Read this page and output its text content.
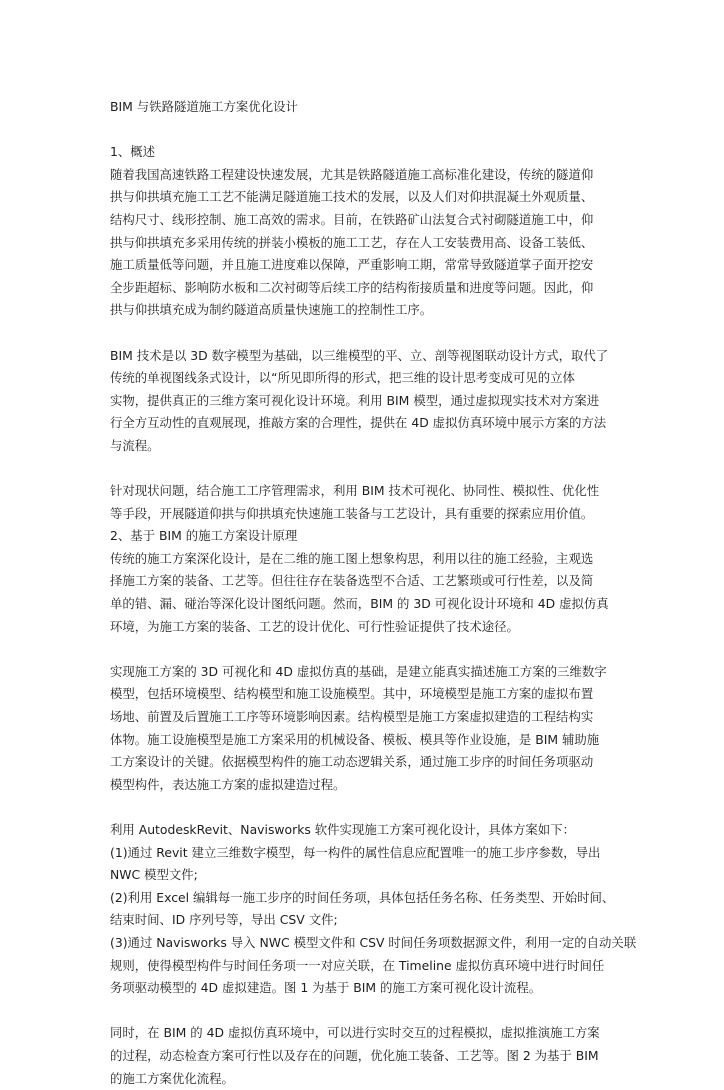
BIM 与铁路隧道施工方案优化设计

1、概述

随着我国高速铁路工程建设快速发展，尤其是铁路隧道施工高标准化建设，传统的隧道仰
拱与仰拱填充施工工艺不能满足隧道施工技术的发展，以及人们对仰拱混凝土外观质量、
结构尺寸、线形控制、施工高效的需求。目前，在铁路矿山法复合式衬砌隧道施工中，仰
拱与仰拱填充多采用传统的拼装小模板的施工工艺，存在人工安装费用高、设备工装低、
施工质量低等问题，并且施工进度难以保障，严重影响工期，常常导致隧道掌子面开挖安
全步距超标、影响防水板和二次衬砌等后续工序的结构衔接质量和进度等问题。因此，仰
拱与仰拱填充成为制约隧道高质量快速施工的控制性工序。
BIM 技术是以 3D 数字模型为基础，以三维模型的平、立、剖等视图联动设计方式，取代了
传统的单视图线条式设计，以“所见即所得的形式，把三维的设计思考变成可见的立体
实物，提供真正的三维方案可视化设计环境。利用 BIM 模型，通过虚拟现实技术对方案进
行全方互动性的直观展现，推敲方案的合理性，提供在 4D 虚拟仿真环境中展示方案的方法
与流程。
针对现状问题，结合施工工序管理需求，利用 BIM 技术可视化、协同性、模拟性、优化性
等手段，开展隧道仰拱与仰拱填充快速施工装备与工艺设计，具有重要的探索应用价值。

2、基于 BIM 的施工方案设计原理

传统的施工方案深化设计，是在二维的施工图上想象构思，利用以往的施工经验，主观选
择施工方案的装备、工艺等。但往往存在装备选型不合适、工艺繁琐或可行性差，以及简
单的错、漏、碰治等深化设计图纸问题。然而，BIM 的 3D 可视化设计环境和 4D 虚拟仿真
环境，为施工方案的装备、工艺的设计优化、可行性验证提供了技术途径。
实现施工方案的 3D 可视化和 4D 虚拟仿真的基础，是建立能真实描述施工方案的三维数字
模型，包括环境模型、结构模型和施工设施模型。其中，环境模型是施工方案的虚拟布置
场地、前置及后置施工工序等环境影响因素。结构模型是施工方案虚拟建造的工程结构实
体物。施工设施模型是施工方案采用的机械设备、模板、模具等作业设施，是 BIM 辅助施
工方案设计的关键。依据模型构件的施工动态逻辑关系，通过施工步序的时间任务项驱动
模型构件，表达施工方案的虚拟建造过程。
利用 AutodeskRevit、Navisworks 软件实现施工方案可视化设计，具体方案如下：
(1)通过 Revit 建立三维数字模型，每一构件的属性信息应配置唯一的施工步序参数，导出
NWC 模型文件;
(2)利用 Excel 编辑每一施工步序的时间任务项，具体包括任务名称、任务类型、开始时间、
结束时间、ID 序列号等，导出 CSV 文件;
(3)通过 Navisworks 导入 NWC 模型文件和 CSV 时间任务项数据源文件，利用一定的自动关联
规则，使得模型构件与时间任务项一一对应关联，在 Timeline 虚拟仿真环境中进行时间任
务项驱动模型的 4D 虚拟建造。图 1 为基于 BIM 的施工方案可视化设计流程。
同时，在 BIM 的 4D 虚拟仿真环境中，可以进行实时交互的过程模拟，虚拟推演施工方案
的过程，动态检查方案可行性以及存在的问题，优化施工装备、工艺等。图 2 为基于 BIM
的施工方案优化流程。
